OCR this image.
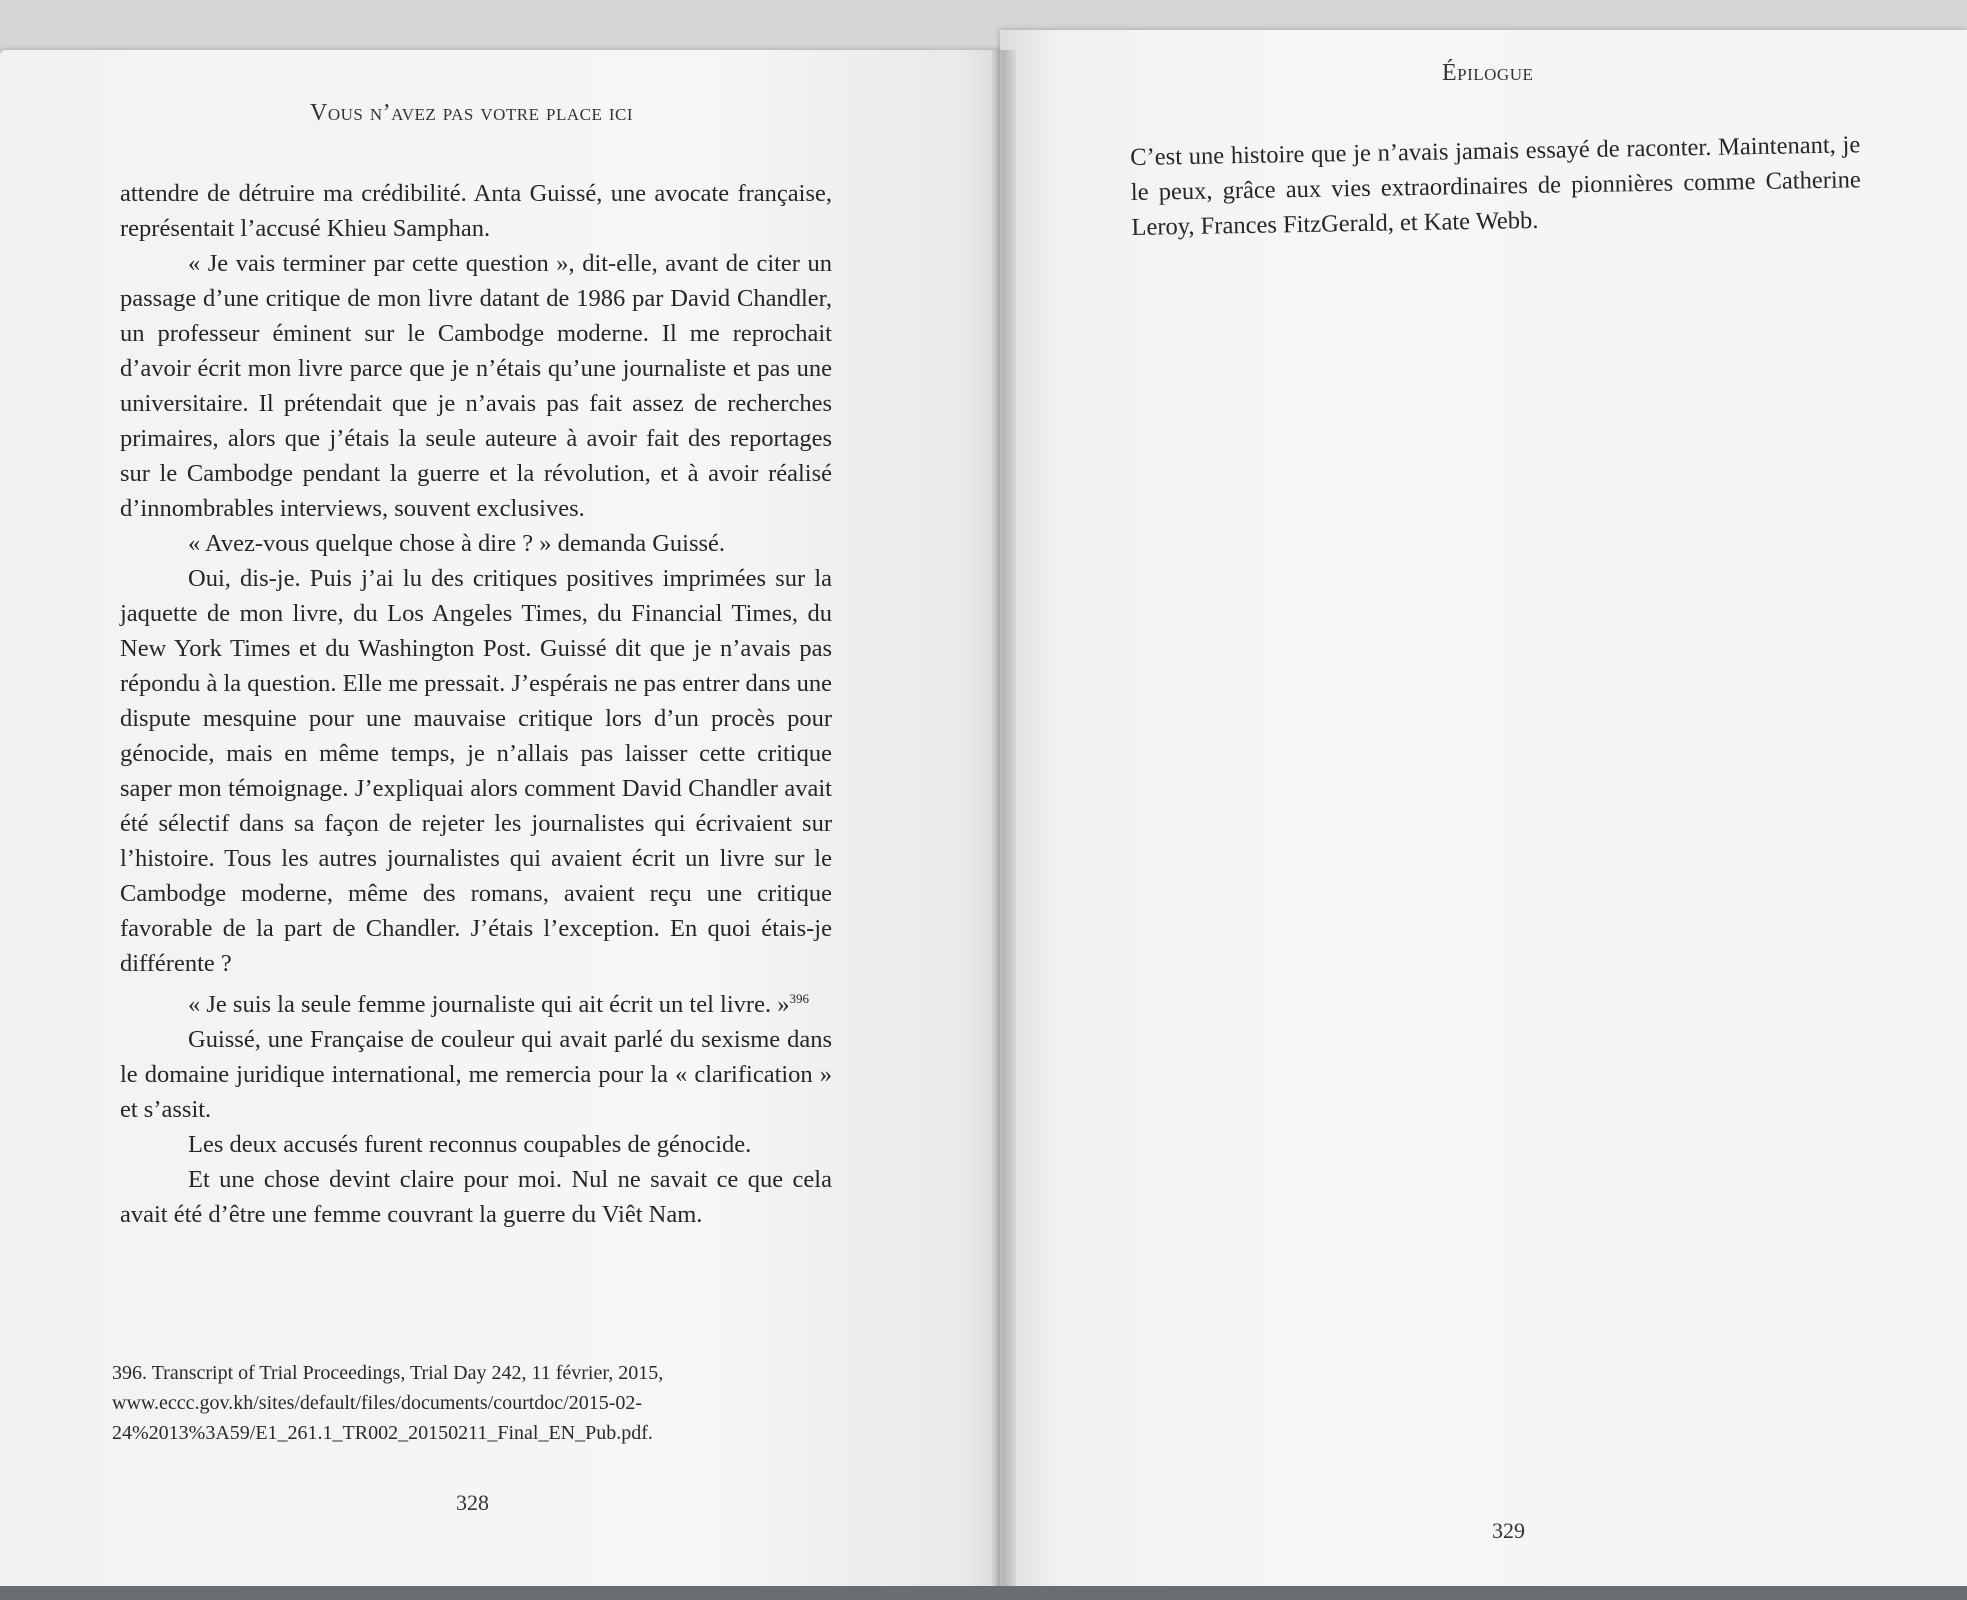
Vous n’avez pas votre place ici

attendre de détruire ma crédibilité. Anta Guissé, une avocate française, représentait l’accusé Khieu Samphan.

« Je vais terminer par cette question », dit-elle, avant de citer un passage d’une critique de mon livre datant de 1986 par David Chandler, un professeur éminent sur le Cambodge moderne. Il me reprochait d’avoir écrit mon livre parce que je n’étais qu’une journaliste et pas une universitaire. Il prétendait que je n’avais pas fait assez de recherches primaires, alors que j’étais la seule auteure à avoir fait des reportages sur le Cambodge pendant la guerre et la révolution, et à avoir réalisé d’innombrables interviews, souvent exclusives.

« Avez-vous quelque chose à dire ? » demanda Guissé.

Oui, dis-je. Puis j’ai lu des critiques positives imprimées sur la jaquette de mon livre, du Los Angeles Times, du Financial Times, du New York Times et du Washington Post. Guissé dit que je n’avais pas répondu à la question. Elle me pressait. J’espérais ne pas entrer dans une dispute mesquine pour une mauvaise critique lors d’un procès pour génocide, mais en même temps, je n’allais pas laisser cette critique saper mon témoignage. J’expliquai alors comment David Chandler avait été sélectif dans sa façon de rejeter les journalistes qui écrivaient sur l’histoire. Tous les autres journalistes qui avaient écrit un livre sur le Cambodge moderne, même des romans, avaient reçu une critique favorable de la part de Chandler. J’étais l’exception. En quoi étais-je différente ?

« Je suis la seule femme journaliste qui ait écrit un tel livre. »$^{396}$

Guissé, une Française de couleur qui avait parlé du sexisme dans le domaine juridique international, me remercia pour la « clarification » et s’assit.

Les deux accusés furent reconnus coupables de génocide.

Et une chose devint claire pour moi. Nul ne savait ce que cela avait été d’être une femme couvrant la guerre du Viêt Nam.

396. Transcript of Trial Proceedings, Trial Day 242, 11 février, 2015, www.eccc.gov.kh/sites/default/files/documents/courtdoc/2015-02-24%2013%3A59/E1_261.1_TR002_20150211_Final_EN_Pub.pdf.
328
Épilogue

C’est une histoire que je n’avais jamais essayé de raconter. Maintenant, je le peux, grâce aux vies extraordinaires de pionnières comme Catherine Leroy, Frances FitzGerald, et Kate Webb.

329
